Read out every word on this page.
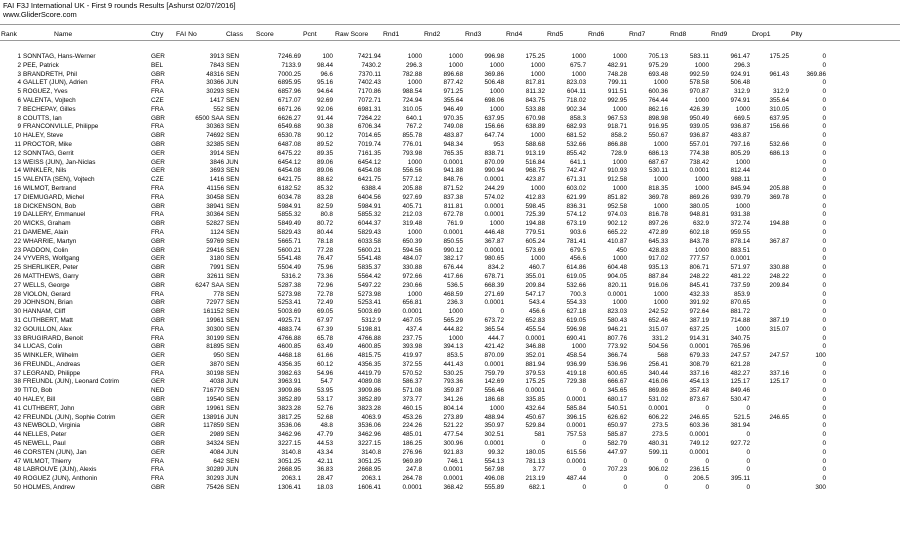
FAI F3J International UK - First 9 rounds Results [Ashurst 02/07/2016]
www.GliderScore.com
Rank	Name	Ctry	FAI No	Class	Score	Pcnt	Raw Score	Rnd1	Rnd2	Rnd3	Rnd4	Rnd5	Rnd6	Rnd7	Rnd8	Rnd9	Drop1	Plty

1	SONNTAG, Hans-Werner	GER	3913	SEN	7246.69	100	7421.94	1000	1000	996.98	175.25	1000	1000	705.13	583.11	961.47	175.25	0
2	PEE, Patrick	BEL	7843	SEN	7133.9	98.44	7430.2	296.3	1000	1000	1000	675.7	482.91	975.29	1000	296.3		0
3	BRANDRETH, Phil	GBR	48316	SEN	7000.25	96.6	7370.11	782.88	896.68	369.86	1000	1000	748.28	693.48	992.59	924.91	961.43	369.86
4	GALLET (JUN), Adrien	FRA	30366	JUN	6895.95	95.16	7402.43	1000	877.42	506.48	817.81	823.03	799.11	1000	578.58	506.48		0
5	ROGUEZ, Yves	FRA	30293	SEN	6857.96	94.64	7170.86	988.54	971.25	1000	811.32	604.11	911.51	600.36	970.87	312.9	312.9	0
6	VALENTA, Vojtech	CZE	1417	SEN	6717.07	92.69	7072.71	724.94	355.64	698.06	843.75	718.02	992.95	764.44	1000	974.91	355.64	0
7	BECHEPAY, Gilles	FRA	552	SEN	6671.26	92.06	6981.31	310.05	946.49	1000	533.88	902.34	1000	862.16	426.39	1000	310.05	0
8	COUTTS, Ian	GBR	6500 SAA	SEN	6626.27	91.44	7264.22	640.1	970.35	637.95	670.98	858.3	967.53	898.98	950.49	669.5	637.95	0
9	FRANCONVILLE, Philippe	FRA	30363	SEN	6549.68	90.38	6706.34	767.2	749.08	156.66	638.89	682.93	918.71	916.95	939.05	936.87	156.66	0
10	HALEY, Steve	GBR	74692	SEN	6530.78	90.12	7014.65	855.78	483.87	647.74	1000	681.52	858.2	550.67	936.87	483.87		0
11	PROCTOR, Mike	GBR	32385	SEN	6487.08	89.52	7019.74	776.01	948.34	953	588.68	532.66	866.88	1000	557.01	797.16	532.66	0
12	SONNTAG, Gerrit	GER	3914	SEN	6475.22	89.35	7161.35	793.98	765.35	838.71	913.19	855.42	728.9	686.13	774.38	805.29	686.13	0
13	WEISS (JUN), Jan-Niclas	GER	3846	JUN	6454.12	89.06	6454.12	1000	0.0001	870.09	516.84	641.1	1000	687.67	738.42	1000		0
14	WINKLER, Nils	GER	3693	SEN	6454.08	89.06	6454.08	556.56	941.88	990.94	968.75	742.47	910.93	530.11	0.0001	812.44		0
15	VALENTA (SEN), Vojtech	CZE	1416	SEN	6421.75	88.62	6421.75	577.12	848.76	0.0001	423.87	671.31	912.58	1000	1000	988.11		0
16	WILMOT, Bertrand	FRA	41156	SEN	6182.52	85.32	6388.4	205.88	871.52	244.29	1000	603.02	1000	818.35	1000	845.94	205.88	0
17	DIEMUGARD, Michel	FRA	30458	SEN	6034.78	83.28	6404.56	927.69	837.38	574.02	412.83	621.99	851.82	369.78	869.26	939.79	369.78	0
18	DICKENSON, Bob	GBR	38941	SEN	5984.91	82.59	5984.91	405.71	811.81	0.0001	598.45	836.31	952.58	1000	380.05	1000		0
19	DALLERY, Emmanuel	FRA	30364	SEN	5855.32	80.8	5855.32	212.03	672.78	0.0001	725.39	574.12	974.03	816.78	948.81	931.38		0
20	WICKS, Graham	GBR	52827	SEN	5849.49	80.72	6044.37	319.48	761.9	1000	194.88	673.19	902.12	897.26	632.9	372.74	194.88	0
21	DAMEME, Alain	FRA	1124	SEN	5829.43	80.44	5829.43	1000	0.0001	446.48	779.51	903.6	665.22	472.89	602.18	959.55		0
22	WHARRIE, Martyn	GBR	59769	SEN	5665.71	78.18	6033.58	650.39	850.55	367.87	605.24	781.41	410.87	645.33	843.78	878.14	367.87	0
23	PADDON, Colin	GBR	29416	SEN	5600.21	77.28	5600.21	594.56	990.12	0.0001	573.69	679.5	450	428.83	1000	883.51		0
24	VYVERS, Wolfgang	GER	3180	SEN	5541.48	76.47	5541.48	484.07	382.17	980.65	1000	456.6	1000	917.02	777.57	0.0001		0
25	SHERLIKER, Peter	GBR	7991	SEN	5504.49	75.96	5835.37	330.88	676.44	834.2	460.7	614.86	604.48	935.13	806.71	571.97	330.88	0
26	MATTHEWS, Garry	GBR	32611	SEN	5316.2	73.36	5564.42	972.66	417.66	678.71	355.01	619.05	904.05	887.84	248.22	481.22	248.22	0
27	WELLS, George	GBR	6247 SAA	SEN	5287.38	72.96	5497.22	230.66	536.5	668.39	209.84	532.66	820.11	916.06	845.41	737.59	209.84	0
28	VIOLON, Gerard	FRA	778	SEN	5273.98	72.78	5273.98	1000	468.59	271.69	547.17	700.3	0.0001	1000	432.33	853.9		0
29	JOHNSON, Brian	GBR	72977	SEN	5253.41	72.49	5253.41	656.81	236.3	0.0001	543.4	554.33	1000	1000	391.92	870.65		0
30	HANNAM, Cliff	GBR	161152	SEN	5003.69	69.05	5003.69	0.0001	1000	0	456.6	627.18	823.03	242.52	972.64	881.72		0
31	CUTHBERT, Matt	GBR	19961	SEN	4925.71	67.97	5312.9	467.05	565.29	673.72	652.83	619.05	580.43	652.46	387.19	714.88	387.19	0
32	GOUILLON, Alex	FRA	30300	SEN	4883.74	67.39	5198.81	437.4	444.82	365.54	455.54	596.98	946.21	315.07	637.25	1000	315.07	0
33	BRUGIRARD, Benoit	FRA	30199	SEN	4766.88	65.78	4766.88	237.75	1000	444.7	0.0001	690.41	807.76	331.2	914.31	340.75		0
34	LUCAS, Colin	GBR	81895	SEN	4600.85	63.49	4600.85	393.98	394.13	421.42	346.88	1000	773.92	504.56	0.0001	765.96		0
35	WINKLER, Wilhelm	GER	950	SEN	4468.18	61.66	4815.75	419.97	853.5	870.09	352.01	458.54	366.74	568	679.33	247.57	247.57	100
36	FREUNDL, Andreas	GER	3870	SEN	4356.35	60.12	4356.35	372.55	441.43	0.0001	881.94	936.99	536.96	256.41	308.79	621.28		0
37	LEGRAND, Philippe	FRA	30198	SEN	3982.63	54.96	4419.79	570.52	530.25	759.79	379.53	419.18	600.65	340.44	337.16	482.27	337.16	0
38	FREUNDL (JUN), Leonard Cotrim	GER	4038	JUN	3963.91	54.7	4089.08	586.37	793.36	142.69	175.25	729.38	666.67	416.06	454.13	125.17	125.17	0
39	TITO, Bob	NED	716779	SEN	3909.86	53.95	3909.86	571.08	359.87	556.46	0.0001	0	345.65	869.86	357.48	849.46		0
40	HALEY, Bill	GBR	19540	SEN	3852.89	53.17	3852.89	373.77	341.26	186.68	335.85	0.0001	680.17	531.02	873.67	530.47		0
41	CUTHBERT, John	GBR	19961	SEN	3823.28	52.76	3823.28	460.15	804.14	1000	432.64	585.84	540.51	0.0001	0	0		0
42	FREUNDL (JUN), Sophie Cotrim	GER	138916	JUN	3817.25	52.68	4063.9	453.26	273.89	488.94	450.67	396.15	626.62	606.22	246.65	521.5	246.65	0
43	NEWBOLD, Virginia	GBR	117859	SEN	3536.06	48.8	3536.06	224.26	521.22	350.97	529.84	0.0001	650.97	273.5	603.36	381.94		0
44	NELLES, Peter	GER	2989	SEN	3462.96	47.79	3462.96	485.01	477.54	302.51	581	757.53	585.87	273.5	0.0001	0		0
45	NEWELL, Paul	GBR	34324	SEN	3227.15	44.53	3227.15	186.25	300.96	0.0001	0	0	582.79	480.31	749.12	927.72		0
46	CORSTEN (JUN), Jan	GER	4084	JUN	3140.8	43.34	3140.8	276.96	921.83	99.32	180.05	615.56	447.97	599.11	0.0001	0		0
47	WILMOT, Thierry	FRA	642	SEN	3051.25	42.11	3051.25	969.89	746.1	554.13	781.13	0.0001	0	0	0	0		0
48	LABROUVE (JUN), Alexis	FRA	30289	JUN	2668.95	36.83	2668.95	247.8	0.0001	567.98	3.77	0	707.23	906.02	236.15	0		0
49	ROGUEZ (JUN), Anthonin	FRA	30293	JUN	2063.1	28.47	2063.1	264.78	0.0001	496.08	213.19	487.44	0	0	206.5	395.11		0
50	HOLMES, Andrew	GBR	75426	SEN	1306.41	18.03	1606.41	0.0001	368.42	555.89	682.1	0	0	0	0	0		300
